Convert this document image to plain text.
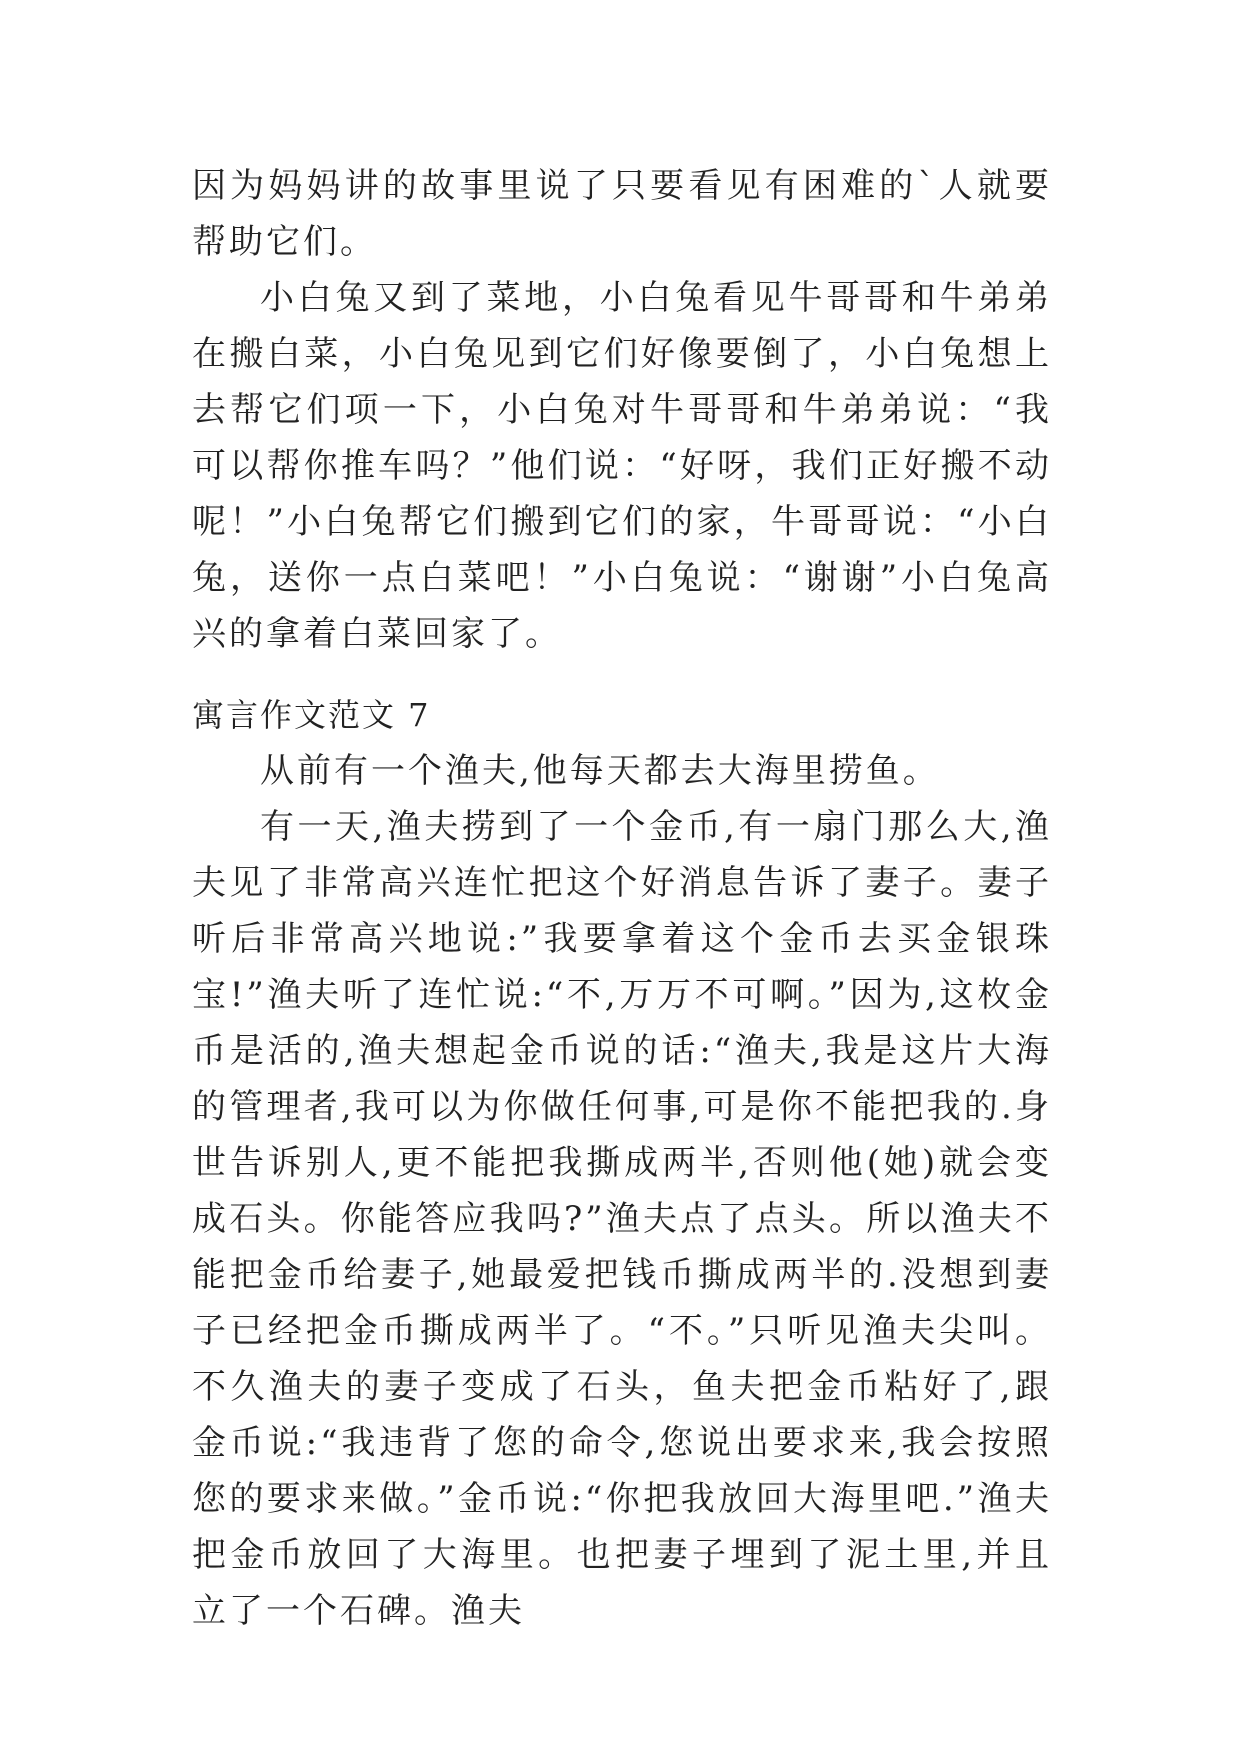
因为妈妈讲的故事里说了只要看见有困难的`人就要帮助它们。

小白兔又到了菜地，小白兔看见牛哥哥和牛弟弟在搬白菜，小白兔见到它们好像要倒了，小白兔想上去帮它们项一下，小白兔对牛哥哥和牛弟弟说：“我可以帮你推车吗？”他们说：“好呀，我们正好搬不动呢！”小白兔帮它们搬到它们的家，牛哥哥说：“小白兔，送你一点白菜吧！”小白兔说：“谢谢”小白兔高兴的拿着白菜回家了。

寓言作文范文 7

从前有一个渔夫,他每天都去大海里捞鱼。

有一天,渔夫捞到了一个金币,有一扇门那么大,渔夫见了非常高兴连忙把这个好消息告诉了妻子。妻子听后非常高兴地说:”我要拿着这个金币去买金银珠宝!”渔夫听了连忙说:“不,万万不可啊。”因为,这枚金币是活的,渔夫想起金币说的话:“渔夫,我是这片大海的管理者,我可以为你做任何事,可是你不能把我的.身世告诉别人,更不能把我撕成两半,否则他(她)就会变成石头。你能答应我吗?”渔夫点了点头。所以渔夫不能把金币给妻子,她最爱把钱币撕成两半的.没想到妻子已经把金币撕成两半了。“不。”只听见渔夫尖叫。不久渔夫的妻子变成了石头，鱼夫把金币粘好了,跟金币说:“我违背了您的命令,您说出要求来,我会按照您的要求来做。”金币说:“你把我放回大海里吧.”渔夫把金币放回了大海里。也把妻子埋到了泥土里,并且立了一个石碑。渔夫
